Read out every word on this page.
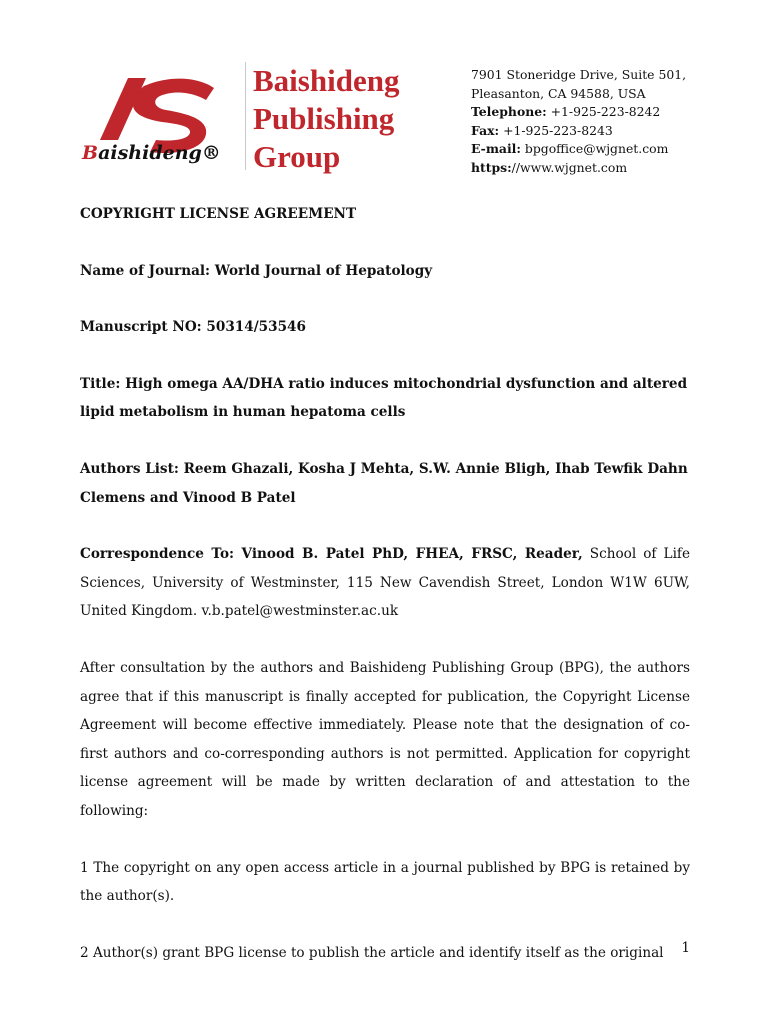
Baishideng®
Baishideng
Publishing
Group
7901 Stoneridge Drive, Suite 501,
Pleasanton, CA 94588, USA
Telephone: +1-925-223-8242
Fax: +1-925-223-8243
E-mail: bpgoffice@wjgnet.com
https://www.wjgnet.com
COPYRIGHT LICENSE AGREEMENT
Name of Journal: World Journal of Hepatology
Manuscript NO: 50314/53546
Title: High omega AA/DHA ratio induces mitochondrial dysfunction and altered lipid metabolism in human hepatoma cells
Authors List: Reem Ghazali, Kosha J Mehta, S.W. Annie Bligh, Ihab Tewfik Dahn Clemens and Vinood B Patel
Correspondence To: Vinood B. Patel PhD, FHEA, FRSC, Reader, School of Life Sciences, University of Westminster, 115 New Cavendish Street, London W1W 6UW, United Kingdom. v.b.patel@westminster.ac.uk
After consultation by the authors and Baishideng Publishing Group (BPG), the authors agree that if this manuscript is finally accepted for publication, the Copyright License Agreement will become effective immediately. Please note that the designation of co-first authors and co-corresponding authors is not permitted. Application for copyright license agreement will be made by written declaration of and attestation to the following:
1 The copyright on any open access article in a journal published by BPG is retained by the author(s).
2 Author(s) grant BPG license to publish the article and identify itself as the original	1
